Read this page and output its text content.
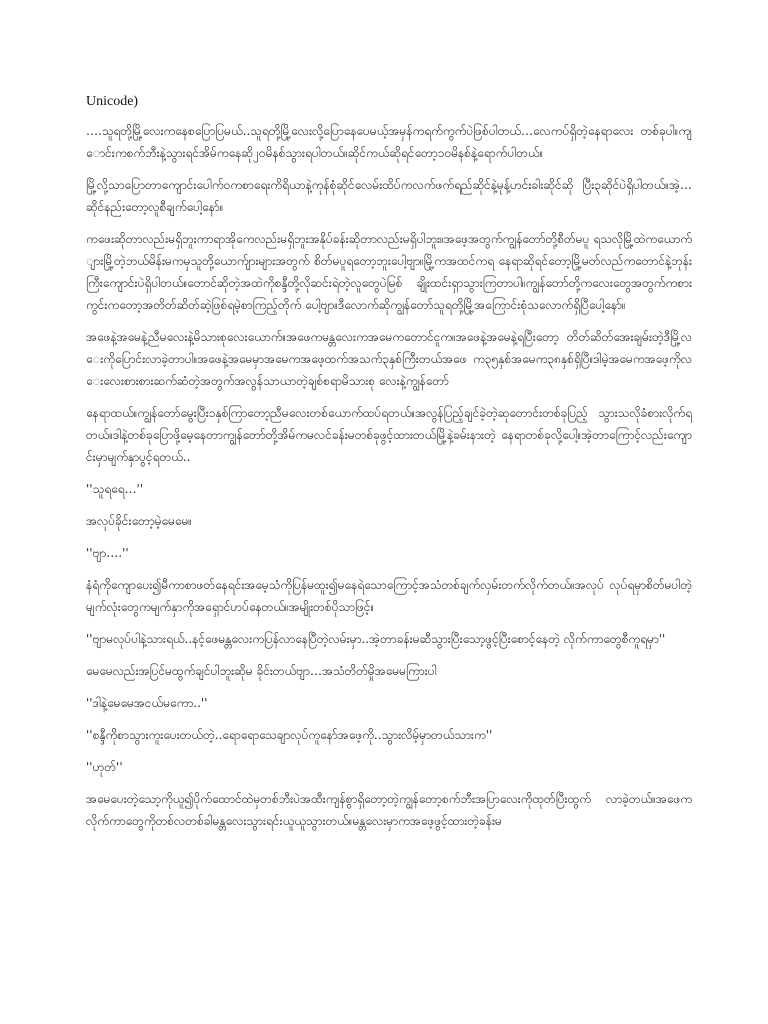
Unicode)

….သူရတို့မြို့လေးကနေစပြောပြမယ်..သူရတို့မြို့လေးလို့ပြောနေပေမယ့်အမှန်ကရက်ကွက်ပဲဖြစ်ပါတယ်…လေကပ်ရှိတဲ့နေရာလေး တစ်ခုပါ။ကျောင်းကစက်ဘီးနဲ့သွားရင်အိမ်ကနေဆို၂၀မိနစ်သွားရပါတယ်။ဆိုင်ကယ်ဆိုရင်တော့၁၀မိနစ်နဲ့ရောက်ပါတယ်။

မြို့လို့သာပြောတာကျောင်းပေါက်ဝကစာရေးကိရိယာနဲ့ကုန်စုံဆိုင်လေမ်းထိပ်ကလက်ဖက်ရည်ဆိုင်နဲ့မုန့်ဟင်းခါးဆိုင်ဆို ပြီး၃ဆိုင်ပဲရှိပါတယ်။အဲ့…ဆိုင်နည်းတော့လူစီချက်ပေါ့နော်။

ကဖေးဆိုတာလည်းမရှိဘူးကာရာအိုကေလည်းမရှိဘူးအနိုပ်ခန်းဆိုတာလည်းမရှိပါဘူး။အဖေ့အတွက်ကျွန်တော်တို့စီတ်မပူ ရသလိုမြို့ထဲကယောက်ျားမြို့တဲ့ဘယ်မိန်းမကမှသူတို့ယောက်ျားများအတွက် စိတ်မပူရတော့ဘူးပေါ့ဗျာ။မြို့ကအထင်ကရ နေရာဆိုရင်တော့မြို့မတ်လည်ကတောင်နဲ့ဘုန်းကြီးကျောင်းပဲရှိပါတယ်။တောင်ဆိုတဲ့အထဲကိုစန္ဒီတို့လိုဆင်းရဲတဲ့လူတွေပဲမြစ် ချိုးထင်းရှာသွားကြတာပါ။ကျွန်တော်တို့ကလေးတွေအတွက်ကစားကွင်းကတော့အတိတ်ဆိတ်ဆဲ့ဖြစ်ရမဲ့စာကြည့်တိုက် ပေါ့ဗျာ။ဒီလောက်ဆိုကျွန်တော်သူရတို့မြို့အကြောင်းစုံသလောက်ရှိပြီပေါ့နော်။

အဖေနဲ့အမေနဲ့ညီမလေးနဲ့မိသားစုလေးယောက်။အဖေကမန္တလေးကအမေကတောင်ငူက။အဖေနဲ့အမေနဲ့ရပြီးတော့ တိတ်ဆိတ်အေးချမ်းတဲ့ဒီမြို့လေးကိုပြောင်းလာခဲ့တာပါ။အဖေနဲ့အမေမှာအမေကအဖေ့ထက်အသက်၃နှစ်ကြီးတယ်အဖေ က၃၅နှစ်အမေက၃၈နှစ်ရှိပြီ။ဒါမဲ့အမေကအဖေ့ကိုလေးလေးစားစားဆက်ဆံတဲ့အတွက်အလွန်သာယာတဲ့ချစ်စရာမိသားစု လေးနဲ့ကျွန်တော်

နေရာထယ်။ကျွန်တော်မွေးပြီး၁နှစ်ကြာတော့ညီမလေးတစ်ယောက်ထပ်ရတယ်။အလွန်ပြည့်ချင်ခဲ့တဲ့ဆုတောင်းတစ်ခုပြည့် သွားသလိုခံစားလိုက်ရတယ်။ဒါနဲ့တစ်ခုပြောဖို့မေ့နေတာကျွန်တော်တို့အိမ်ကမလင်ခန်းမတစ်ခုဖွင့်ထားတယ်မြို့နဲ့ခမ်းနားတဲ့ နေရာတစ်ခုလို့ပေါ့။အဲ့တာကြောင့်လည်းကျောင်းမှာမျက်နှာပွင့်ရတယ်..

''သူရရေ…''

အလုပ်ခိုင်းတော့မဲ့မေမေ။

''ဗျာ….''

နံရံကိုကျောပေး၍မီကာစာဖတ်နေရင်းအမေ့သံကိုပြန်မထူး၍မနေရဲသောကြောင့်အသံတစ်ချက်လှမ်းတက်လိုက်တယ်။အလုပ် လုပ်ရမှာစိတ်မပါတဲ့မျက်လုံးတွေကမျက်နှာကိုအရှောင်ဟပ်နေတယ်။အမျိုးတစ်ပိုသာဖြင့်။

''ဗျာမလုပ်ပါနဲ့သားရယ်..နင့်ဖေမန္တလေးကပြန်လာနေပြီတဲ့လမ်းမှာ..အဲ့တာခန်းမဆီသွားပြီးသော့ဖွင့်ပြီးစောင့်နေတဲ့ လိုက်ကာတွေစီကူရမှာ''

မေမေလည်းအပြင်မထွက်ချင်ပါဘူးဆိုမ ခိုင်းတယ်ဗျာ…အသံတိတ်မှိုအမေမကြားပါ

''ဒါနဲ့မေမေအငယ်မကော..''

''စန္ဒီကိုစာသွားကူးပေးတယ်တဲ့..ရောရောသေချာလုပ်ကူနော်အဖေ့ကို..သွားလိမ့်မှာတယ်သားက''

''ဟုတ်''

အမေပေးတဲ့သော့ကိုယူ၍ပိုက်ထောင်ထဲမှတစ်ဘီးပဲအထီးကျန်စွာရှိတော့တဲ့ကျွန်တော့စက်ဘီးအပြာလေးကိုထုတ်ပြီးထွက် လာခဲ့တယ်။အဖေကလိုက်ကာတွေကိုတစ်လတစ်ခါမန္တလေးသွားရင်းယူယူသွားတယ်။မန္တလေးမှာကအဖေ့ဖွင့်ထားတဲ့ခန်းမ
